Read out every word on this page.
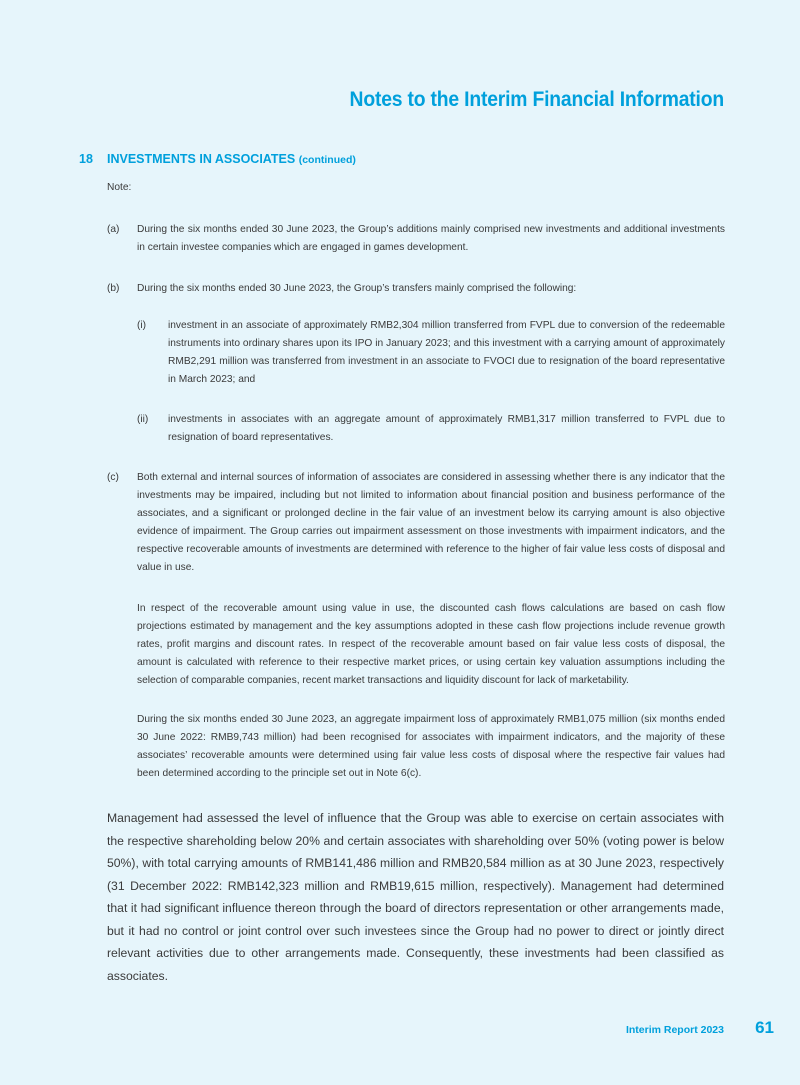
Notes to the Interim Financial Information
18 INVESTMENTS IN ASSOCIATES (continued)
Note:
(a) During the six months ended 30 June 2023, the Group’s additions mainly comprised new investments and additional investments in certain investee companies which are engaged in games development.
(b) During the six months ended 30 June 2023, the Group’s transfers mainly comprised the following:
(i) investment in an associate of approximately RMB2,304 million transferred from FVPL due to conversion of the redeemable instruments into ordinary shares upon its IPO in January 2023; and this investment with a carrying amount of approximately RMB2,291 million was transferred from investment in an associate to FVOCI due to resignation of the board representative in March 2023; and
(ii) investments in associates with an aggregate amount of approximately RMB1,317 million transferred to FVPL due to resignation of board representatives.
(c) Both external and internal sources of information of associates are considered in assessing whether there is any indicator that the investments may be impaired, including but not limited to information about financial position and business performance of the associates, and a significant or prolonged decline in the fair value of an investment below its carrying amount is also objective evidence of impairment. The Group carries out impairment assessment on those investments with impairment indicators, and the respective recoverable amounts of investments are determined with reference to the higher of fair value less costs of disposal and value in use.
In respect of the recoverable amount using value in use, the discounted cash flows calculations are based on cash flow projections estimated by management and the key assumptions adopted in these cash flow projections include revenue growth rates, profit margins and discount rates. In respect of the recoverable amount based on fair value less costs of disposal, the amount is calculated with reference to their respective market prices, or using certain key valuation assumptions including the selection of comparable companies, recent market transactions and liquidity discount for lack of marketability.
During the six months ended 30 June 2023, an aggregate impairment loss of approximately RMB1,075 million (six months ended 30 June 2022: RMB9,743 million) had been recognised for associates with impairment indicators, and the majority of these associates’ recoverable amounts were determined using fair value less costs of disposal where the respective fair values had been determined according to the principle set out in Note 6(c).
Management had assessed the level of influence that the Group was able to exercise on certain associates with the respective shareholding below 20% and certain associates with shareholding over 50% (voting power is below 50%), with total carrying amounts of RMB141,486 million and RMB20,584 million as at 30 June 2023, respectively (31 December 2022: RMB142,323 million and RMB19,615 million, respectively). Management had determined that it had significant influence thereon through the board of directors representation or other arrangements made, but it had no control or joint control over such investees since the Group had no power to direct or jointly direct relevant activities due to other arrangements made. Consequently, these investments had been classified as associates.
Interim Report 2023 61
